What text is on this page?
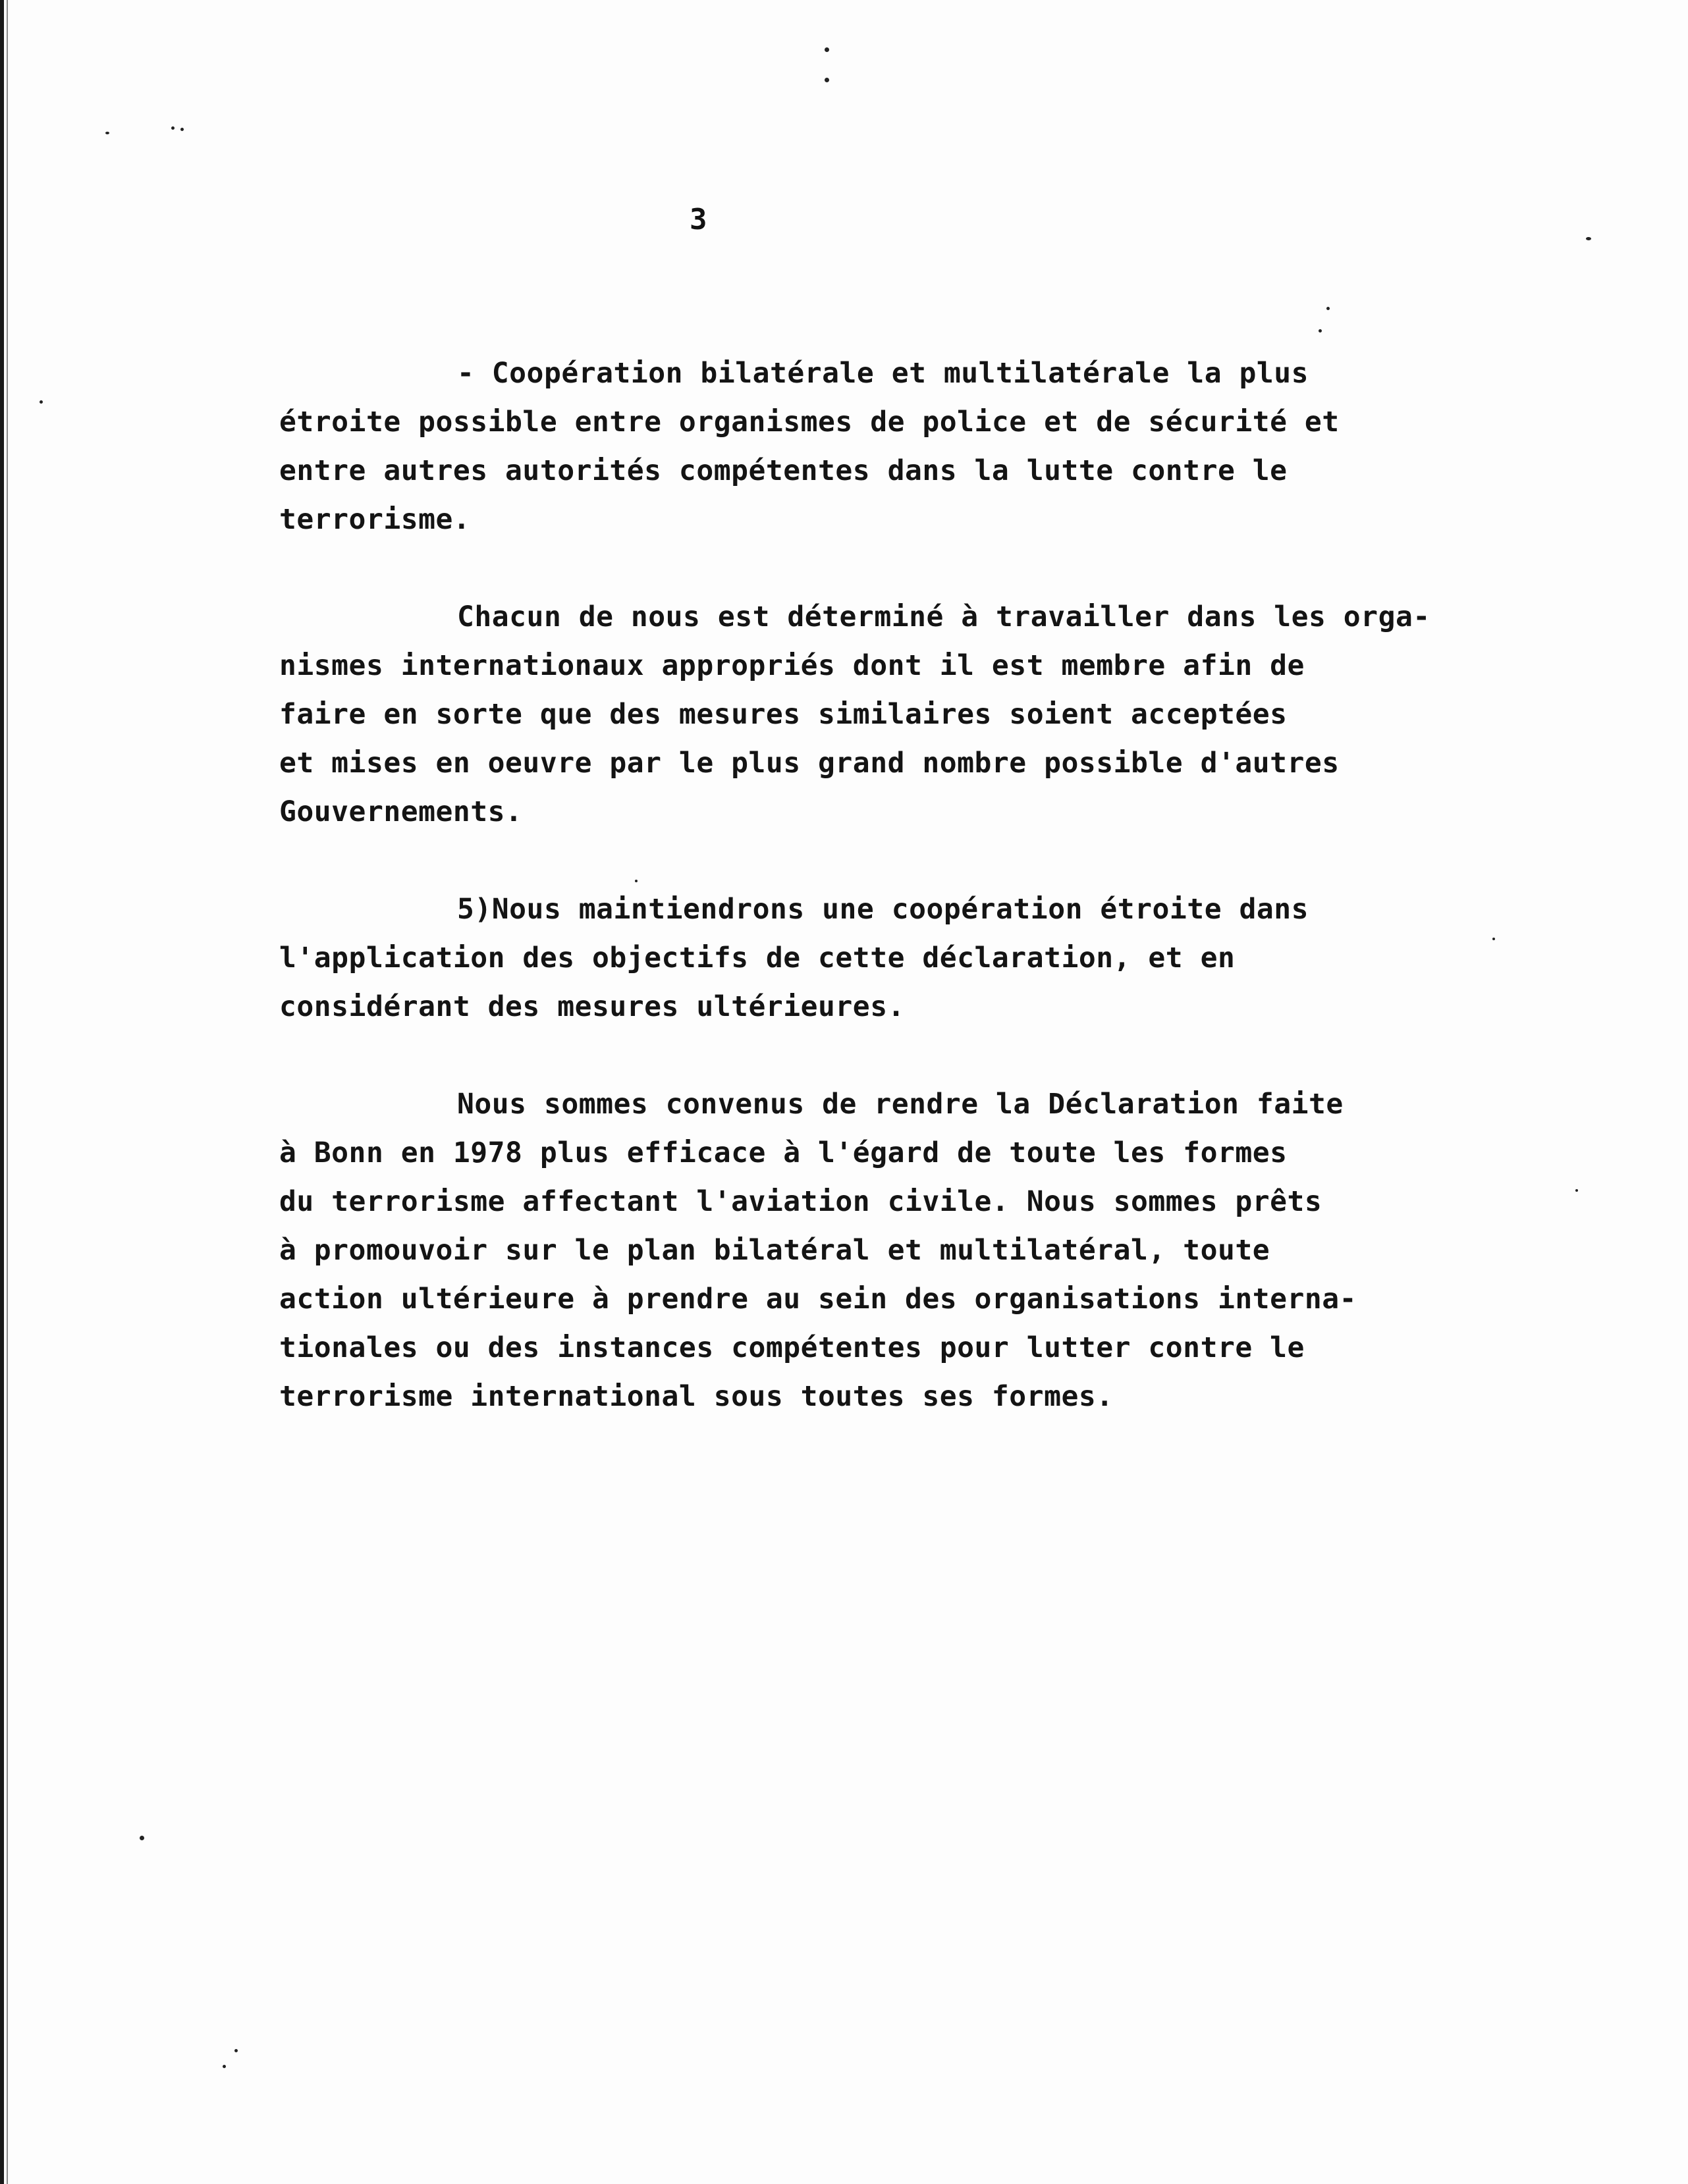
3
- Coopération bilatérale et multilatérale la plus
étroite possible entre organismes de police et de sécurité et
entre autres autorités compétentes dans la lutte contre le
terrorisme.
Chacun de nous est déterminé à travailler dans les orga-
nismes internationaux appropriés dont il est membre afin de
faire en sorte que des mesures similaires soient acceptées
et mises en oeuvre par le plus grand nombre possible d'autres
Gouvernements.
5)Nous maintiendrons une coopération étroite dans
l'application des objectifs de cette déclaration, et en
considérant des mesures ultérieures.
Nous sommes convenus de rendre la Déclaration faite
à Bonn en 1978 plus efficace à l'égard de toute les formes
du terrorisme affectant l'aviation civile. Nous sommes prêts
à promouvoir sur le plan bilatéral et multilatéral, toute
action ultérieure à prendre au sein des organisations interna-
tionales ou des instances compétentes pour lutter contre le
terrorisme international sous toutes ses formes.
